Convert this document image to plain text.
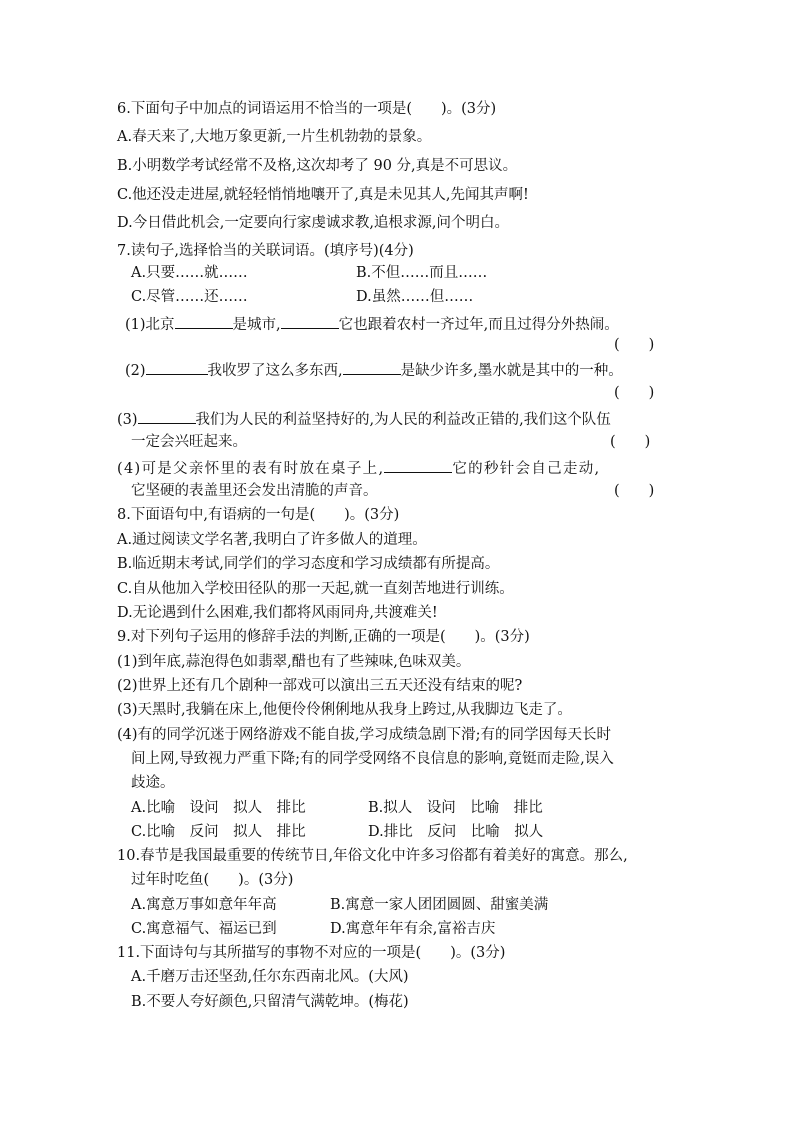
6.下面句子中加点的词语运用不恰当的一项是(　　)。(3分)
A.春天来了,大地万象更新,一片生机勃勃的景象。
B.小明数学考试经常不及格,这次却考了 90 分,真是不可思议。
C.他还没走进屋,就轻轻悄悄地嚷开了,真是未见其人,先闻其声啊!
D.今日借此机会,一定要向行家虔诚求教,追根求源,问个明白。
7.读句子,选择恰当的关联词语。(填序号)(4分)
A.只要……就……	B.不但……而且……
C.尽管……还……	D.虽然……但……
(1)北京	是城市,	它也跟着农村一齐过年,而且过得分外热闹。
(　　)
(2)	我收罗了这么多东西,	是缺少许多,墨水就是其中的一种。
(　　)
(3)	我们为人民的利益坚持好的,为人民的利益改正错的,我们这个队伍
一定会兴旺起来。	(　　)
(4)可是父亲怀里的表有时放在桌子上,	它的秒针会自己走动,
它坚硬的表盖里还会发出清脆的声音。	(　　)
8.下面语句中,有语病的一句是(　　)。(3分)
A.通过阅读文学名著,我明白了许多做人的道理。
B.临近期末考试,同学们的学习态度和学习成绩都有所提高。
C.自从他加入学校田径队的那一天起,就一直刻苦地进行训练。
D.无论遇到什么困难,我们都将风雨同舟,共渡难关!
9.对下列句子运用的修辞手法的判断,正确的一项是(　　)。(3分)
(1)到年底,蒜泡得色如翡翠,醋也有了些辣味,色味双美。
(2)世界上还有几个剧种一部戏可以演出三五天还没有结束的呢?
(3)天黑时,我躺在床上,他便伶伶俐俐地从我身上跨过,从我脚边飞走了。
(4)有的同学沉迷于网络游戏不能自拔,学习成绩急剧下滑;有的同学因每天长时
间上网,导致视力严重下降;有的同学受网络不良信息的影响,竟铤而走险,误入
歧途。
A.比喻　设问　拟人　排比	B.拟人　设问　比喻　排比
C.比喻　反问　拟人　排比	D.排比　反问　比喻　拟人
10.春节是我国最重要的传统节日,年俗文化中许多习俗都有着美好的寓意。那么,
过年时吃鱼(　　)。(3分)
A.寓意万事如意年年高	B.寓意一家人团团圆圆、甜蜜美满
C.寓意福气、福运已到	D.寓意年年有余,富裕吉庆
11.下面诗句与其所描写的事物不对应的一项是(　　)。(3分)
A.千磨万击还坚劲,任尔东西南北风。(大风)
B.不要人夸好颜色,只留清气满乾坤。(梅花)
